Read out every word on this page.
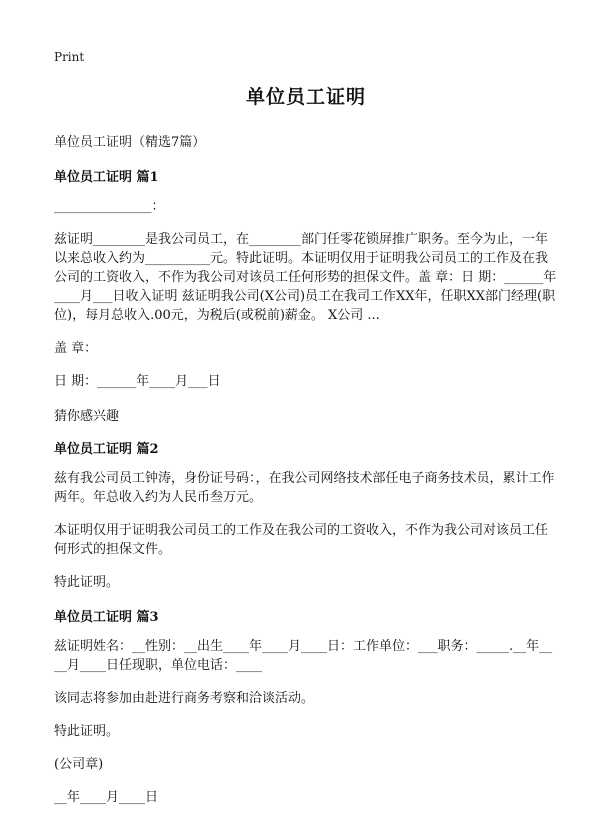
Print
单位员工证明
单位员工证明（精选7篇）
单位员工证明 篇1

_______________：

兹证明________是我公司员工，在________部门任零花锁屏推广职务。至今为止，一年以来总收入约为__________元。特此证明。本证明仅用于证明我公司员工的工作及在我公司的工资收入，不作为我公司对该员工任何形势的担保文件。盖 章：日 期：______年____月___日收入证明 兹证明我公司(X公司)员工在我司工作XX年，任职XX部门经理(职位)，每月总收入.00元，为税后(或税前)薪金。 X公司 ...

盖 章：

日 期：______年____月___日

猜你感兴趣
单位员工证明 篇2

兹有我公司员工钟涛，身份证号码：，在我公司网络技术部任电子商务技术员，累计工作两年。年总收入约为人民币叁万元。

本证明仅用于证明我公司员工的工作及在我公司的工资收入，不作为我公司对该员工任何形式的担保文件。

特此证明。

单位员工证明 篇3

兹证明姓名：__性别：__出生____年____月____日：工作单位：___职务：_____.__年____月____日任现职，单位电话：____

该同志将参加由赴进行商务考察和洽谈活动。

特此证明。

(公司章)

__年____月____日
